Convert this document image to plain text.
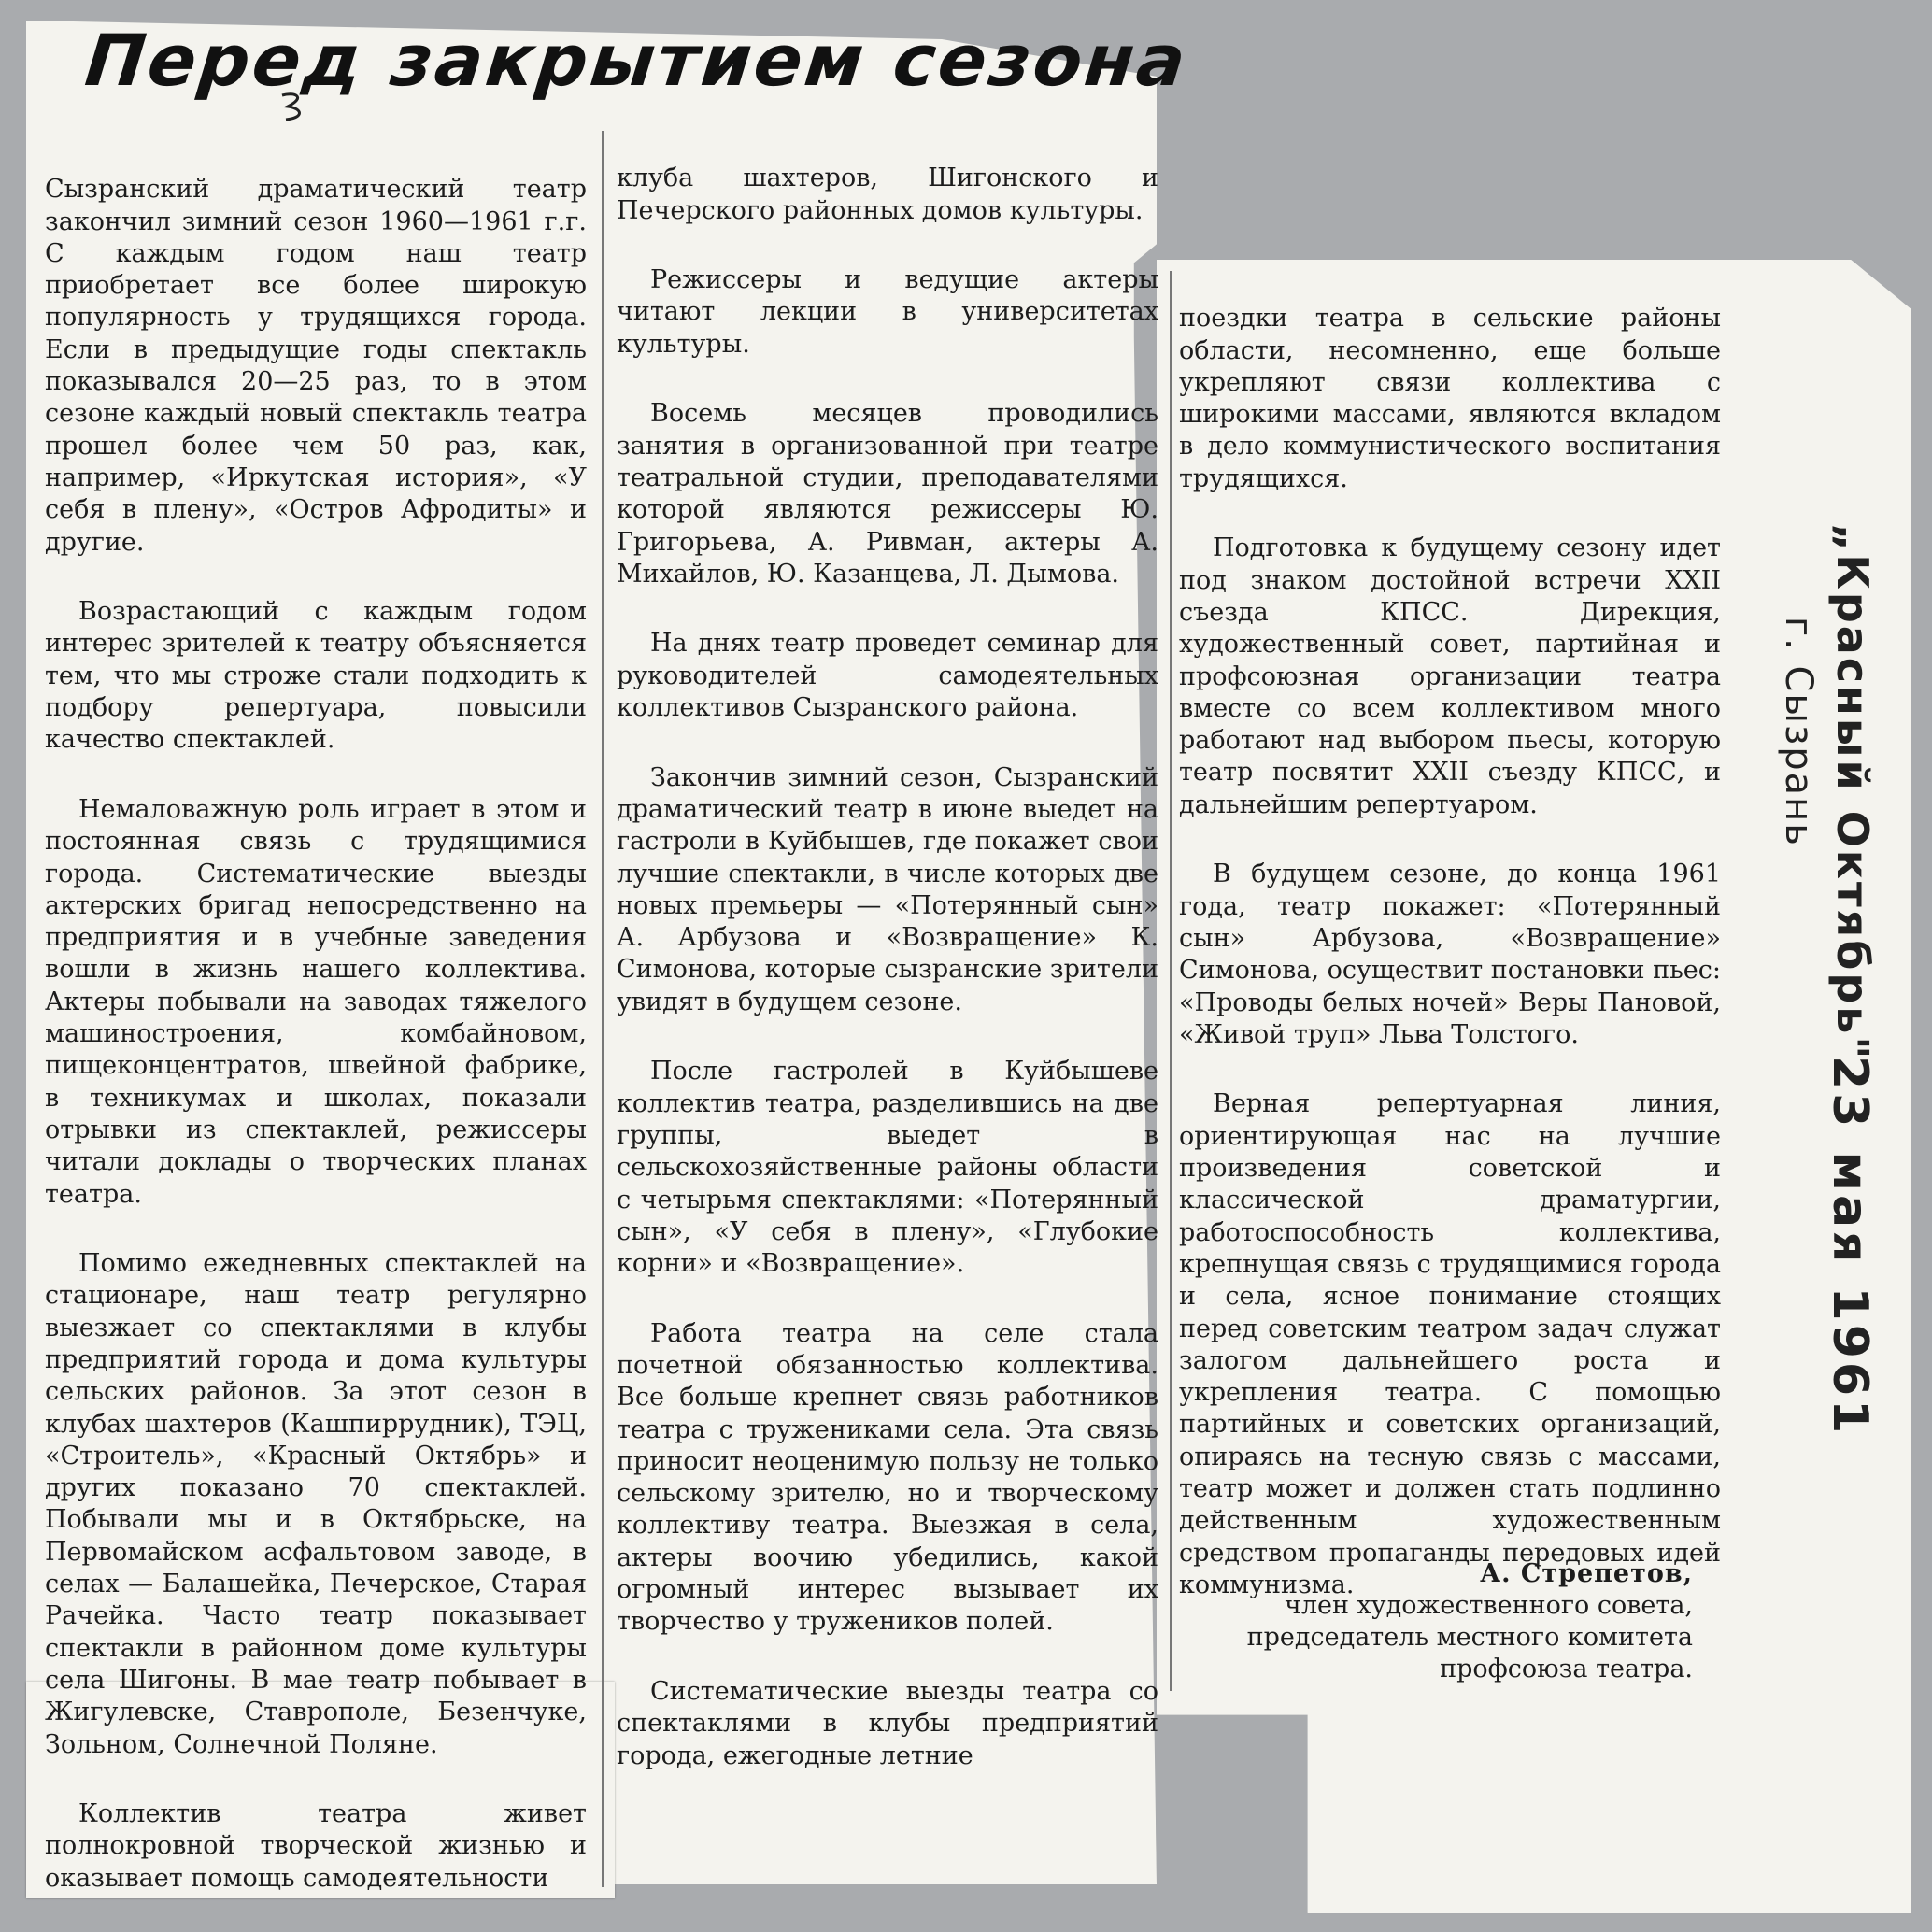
Перед закрытием сезона

Сызранский драматический театр закончил зимний сезон 1960—1961 г.г. С каждым годом наш театр приобретает все более широкую популярность у трудящихся города. Если в предыдущие годы спектакль показывался 20—25 раз, то в этом сезоне каждый новый спектакль театра прошел более чем 50 раз, как, например, «Иркутская история», «У себя в плену», «Остров Афродиты» и другие.

Возрастающий с каждым годом интерес зрителей к театру объясняется тем, что мы строже стали подходить к подбору репертуара, повысили качество спектаклей.

Немаловажную роль играет в этом и постоянная связь с трудящимися города. Систематические выезды актерских бригад непосредственно на предприятия и в учебные заведения вошли в жизнь нашего коллектива. Актеры побывали на заводах тяжелого машиностроения, комбайновом, пищеконцентратов, швейной фабрике, в техникумах и школах, показали отрывки из спектаклей, режиссеры читали доклады о творческих планах театра.

Помимо ежедневных спектаклей на стационаре, наш театр регулярно выезжает со спектаклями в клубы предприятий города и дома культуры сельских районов. За этот сезон в клубах шахтеров (Кашпиррудник), ТЭЦ, «Строитель», «Красный Октябрь» и других показано 70 спектаклей. Побывали мы и в Октябрьске, на Первомайском асфальтовом заводе, в селах — Балашейка, Печерское, Старая Рачейка. Часто театр показывает спектакли в районном доме культуры села Шигоны. В мае театр побывает в Жигулевске, Ставрополе, Безенчуке, Зольном, Солнечной Поляне.

Коллектив театра живет полнокровной творческой жизнью и оказывает помощь самодеятельности

клуба шахтеров, Шигонского и Печерского районных домов культуры.

Режиссеры и ведущие актеры читают лекции в университетах культуры.

Восемь месяцев проводились занятия в организованной при театре театральной студии, преподавателями которой являются режиссеры Ю. Григорьева, А. Ривман, актеры А. Михайлов, Ю. Казанцева, Л. Дымова.

На днях театр проведет семинар для руководителей самодеятельных коллективов Сызранского района.

Закончив зимний сезон, Сызранский драматический театр в июне выедет на гастроли в Куйбышев, где покажет свои лучшие спектакли, в числе которых две новых премьеры — «Потерянный сын» А. Арбузова и «Возвращение» К. Симонова, которые сызранские зрители увидят в будущем сезоне.

После гастролей в Куйбышеве коллектив театра, разделившись на две группы, выедет в сельскохозяйственные районы области с четырьмя спектаклями: «Потерянный сын», «У себя в плену», «Глубокие корни» и «Возвращение».

Работа театра на селе стала почетной обязанностью коллектива. Все больше крепнет связь работников театра с тружениками села. Эта связь приносит неоценимую пользу не только сельскому зрителю, но и творческому коллективу театра. Выезжая в села, актеры воочию убедились, какой огромный интерес вызывает их творчество у тружеников полей.

Систематические выезды театра со спектаклями в клубы предприятий города, ежегодные летние

поездки театра в сельские районы области, несомненно, еще больше укрепляют связи коллектива с широкими массами, являются вкладом в дело коммунистического воспитания трудящихся.

Подготовка к будущему сезону идет под знаком достойной встречи XXII съезда КПСС. Дирекция, художественный совет, партийная и профсоюзная организации театра вместе со всем коллективом много работают над выбором пьесы, которую театр посвятит XXII съезду КПСС, и дальнейшим репертуаром.

В будущем сезоне, до конца 1961 года, театр покажет: «Потерянный сын» Арбузова, «Возвращение» Симонова, осуществит постановки пьес: «Проводы белых ночей» Веры Пановой, «Живой труп» Льва Толстого.

Верная репертуарная линия, ориентирующая нас на лучшие произведения советской и классической драматургии, работоспособность коллектива, крепнущая связь с трудящимися города и села, ясное понимание стоящих перед советским театром задач служат залогом дальнейшего роста и укрепления театра. С помощью партийных и советских организаций, опираясь на тесную связь с массами, театр может и должен стать подлинно действенным художественным средством пропаганды передовых идей коммунизма.	А. Стрепетов,
член художественного совета,
председатель местного комитета
профсоюза театра.
„Красный Октябрь"
г. Сызрань
23 мая 1961
